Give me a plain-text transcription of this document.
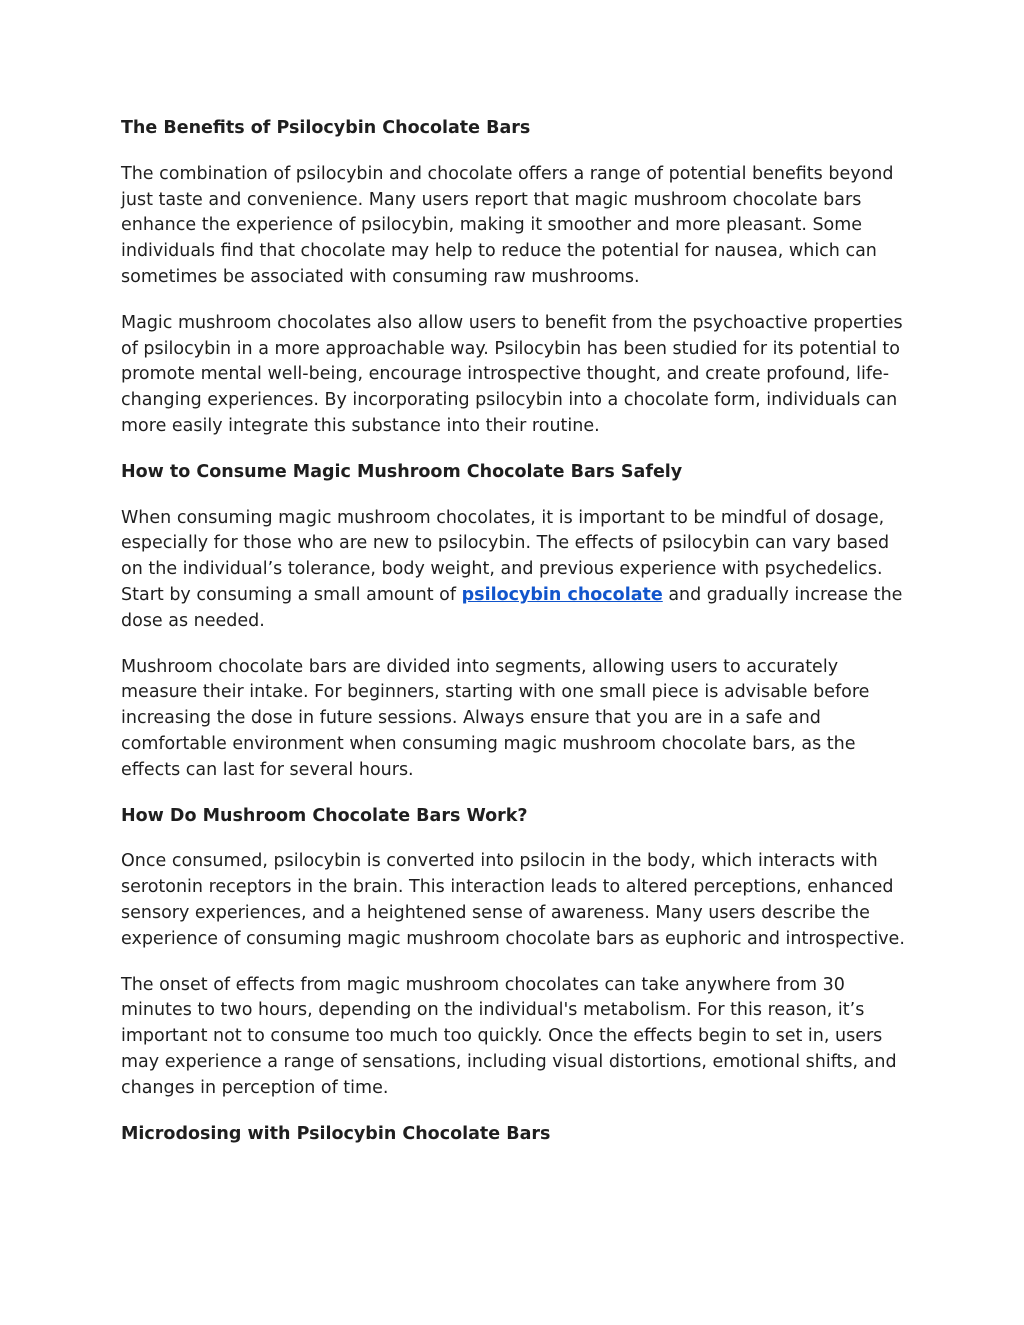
The Benefits of Psilocybin Chocolate Bars

The combination of psilocybin and chocolate offers a range of potential benefits beyond just taste and convenience. Many users report that magic mushroom chocolate bars enhance the experience of psilocybin, making it smoother and more pleasant. Some individuals find that chocolate may help to reduce the potential for nausea, which can sometimes be associated with consuming raw mushrooms.

Magic mushroom chocolates also allow users to benefit from the psychoactive properties of psilocybin in a more approachable way. Psilocybin has been studied for its potential to promote mental well-being, encourage introspective thought, and create profound, life-changing experiences. By incorporating psilocybin into a chocolate form, individuals can more easily integrate this substance into their routine.

How to Consume Magic Mushroom Chocolate Bars Safely

When consuming magic mushroom chocolates, it is important to be mindful of dosage, especially for those who are new to psilocybin. The effects of psilocybin can vary based on the individual’s tolerance, body weight, and previous experience with psychedelics. Start by consuming a small amount of psilocybin chocolate and gradually increase the dose as needed.

Mushroom chocolate bars are divided into segments, allowing users to accurately measure their intake. For beginners, starting with one small piece is advisable before increasing the dose in future sessions. Always ensure that you are in a safe and comfortable environment when consuming magic mushroom chocolate bars, as the effects can last for several hours.

How Do Mushroom Chocolate Bars Work?

Once consumed, psilocybin is converted into psilocin in the body, which interacts with serotonin receptors in the brain. This interaction leads to altered perceptions, enhanced sensory experiences, and a heightened sense of awareness. Many users describe the experience of consuming magic mushroom chocolate bars as euphoric and introspective.

The onset of effects from magic mushroom chocolates can take anywhere from 30 minutes to two hours, depending on the individual's metabolism. For this reason, it’s important not to consume too much too quickly. Once the effects begin to set in, users may experience a range of sensations, including visual distortions, emotional shifts, and changes in perception of time.

Microdosing with Psilocybin Chocolate Bars
